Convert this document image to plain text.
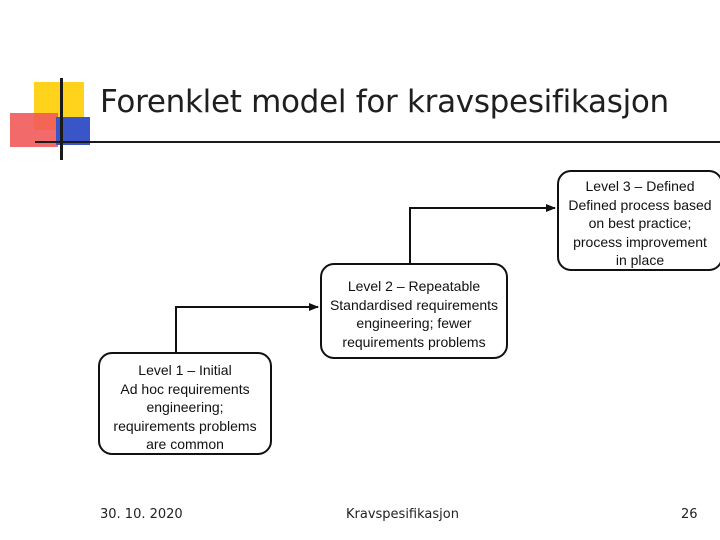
Forenklet model for kravspesifikasjon
Level 1 – Initial
Ad hoc requirements
engineering;
requirements problems
are common
Level 2 – Repeatable
Standardised requirements
engineering; fewer
requirements problems
Level 3 – Defined
Defined process based
on best practice;
process improvement
in place
30. 10. 2020	Kravspesifikasjon	26
